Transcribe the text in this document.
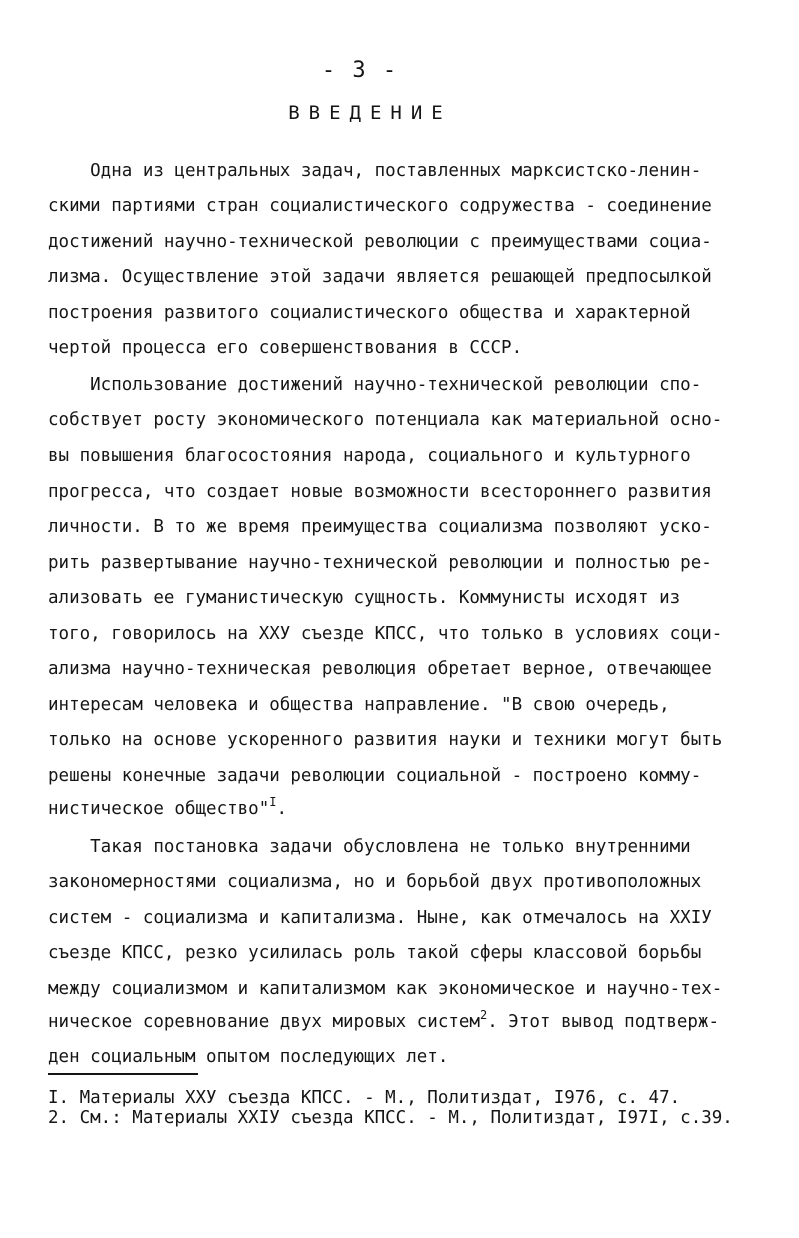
- 3 -
ВВЕДЕНИЕ
Одна из центральных задач, поставленных марксистско-ленин-
скими партиями стран социалистического содружества - соединение
достижений научно-технической революции с преимуществами социа-
лизма. Осуществление этой задачи является решающей предпосылкой
построения развитого социалистического общества и характерной
чертой процесса его совершенствования в СССР.
Использование достижений научно-технической революции спо-
собствует росту экономического потенциала как материальной осно-
вы повышения благосостояния народа, социального и культурного
прогресса, что создает новые возможности всестороннего развития
личности. В то же время преимущества социализма позволяют уско-
рить развертывание научно-технической революции и полностью ре-
ализовать ее гуманистическую сущность. Коммунисты исходят из
того, говорилось на XXУ съезде КПСС, что только в условиях соци-
ализма научно-техническая революция обретает верное, отвечающее
интересам человека и общества направление. "В свою очередь,
только на основе ускоренного развития науки и техники могут быть
решены конечные задачи революции социальной - построено комму-
нистическое общество"$^I$.
Такая постановка задачи обусловлена не только внутренними
закономерностями социализма, но и борьбой двух противоположных
систем - социализма и капитализма. Ныне, как отмечалось на XXIУ
съезде КПСС, резко усилилась роль такой сферы классовой борьбы
между социализмом и капитализмом как экономическое и научно-тех-
ническое соревнование двух мировых систем$^2$. Этот вывод подтверж-
ден социальным опытом последующих лет.
I. Материалы XXУ съезда КПСС. - М., Политиздат, I976, с. 47.
2. См.: Материалы XXIУ съезда КПСС. - М., Политиздат, I97I, с.39.
